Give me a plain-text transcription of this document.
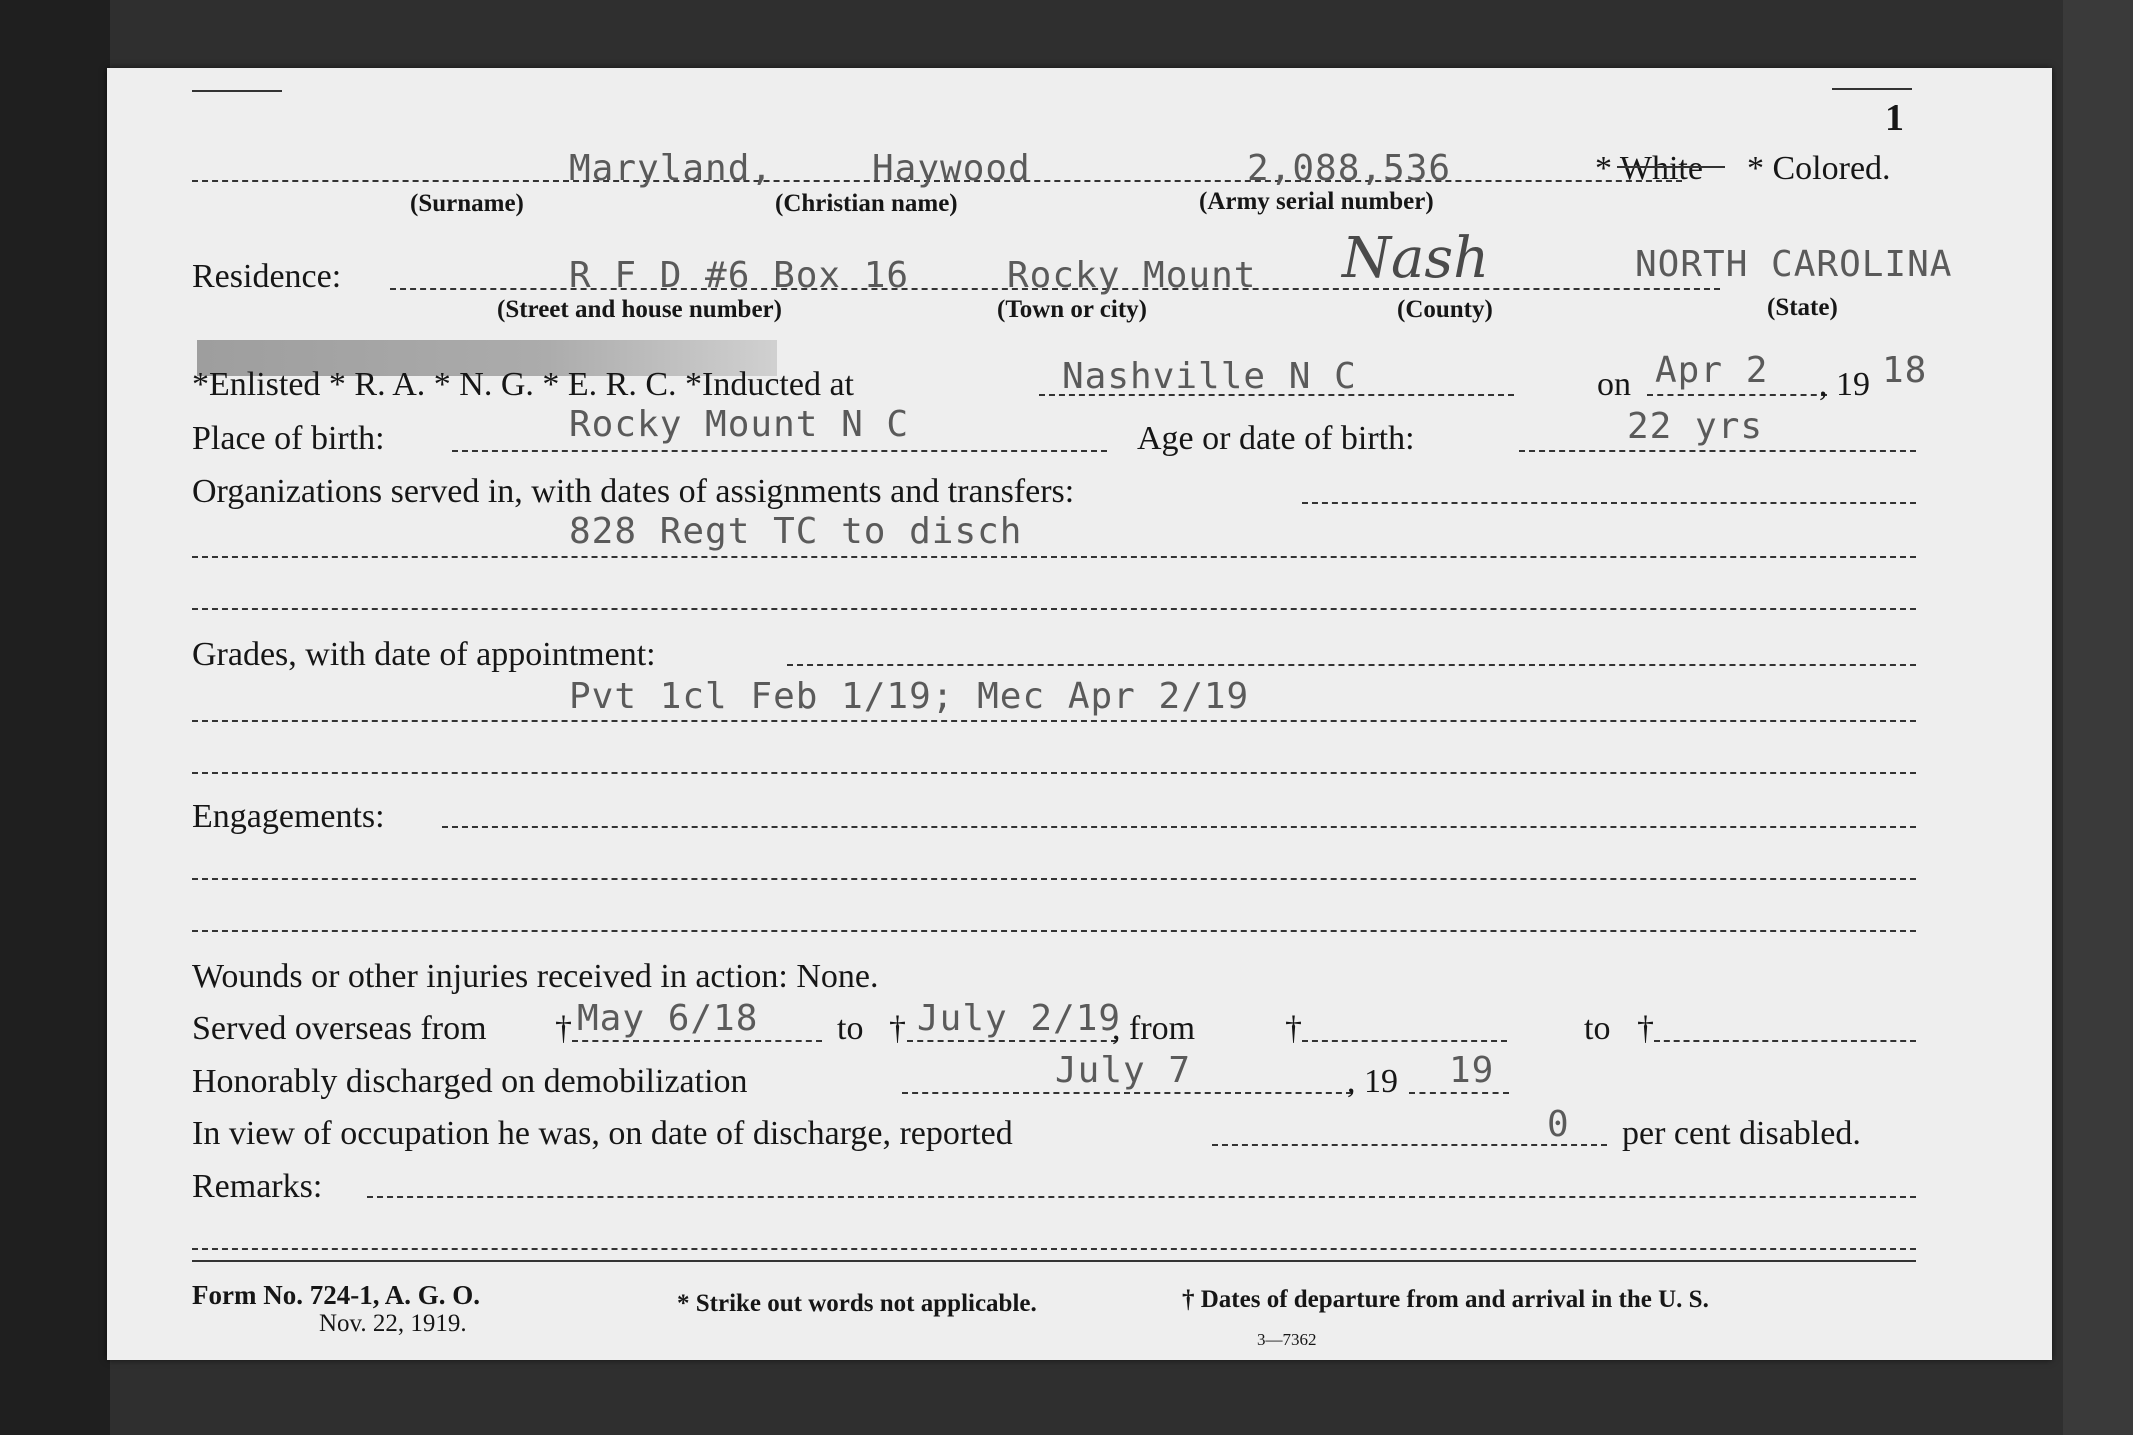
1
Maryland,	Haywood	2,088,536	* White * Colored.
(Surname)	(Christian name)	(Army serial number)
Residence:	R F D #6 Box 16	Rocky Mount Nash	NORTH CAROLINA
(Street and house number)	(Town or city)	(County)	(State)
*Enlisted * R. A. * N. G. * E. R. C. *Inducted at	Nashville N C	on Apr 2 , 19 18
Place of birth:	Rocky Mount N C	Age or date of birth:	22 yrs
Organizations served in, with dates of assignments and transfers:
828 Regt TC to disch
Grades, with date of appointment:
Pvt 1cl Feb 1/19; Mec Apr 2/19
Engagements:
Wounds or other injuries received in action: None.
Served overseas from † May 6/18 to † July 2/19
, from	†	to †
Honorably discharged on demobilization	July 7	, 19 19
In view of occupation he was, on date of discharge, reported	0 per cent disabled.
Remarks:
Form No. 724-1, A. G. O.
Nov. 22, 1919.
* Strike out words not applicable.	† Dates of departure from and arrival in the U. S.
3—7362
